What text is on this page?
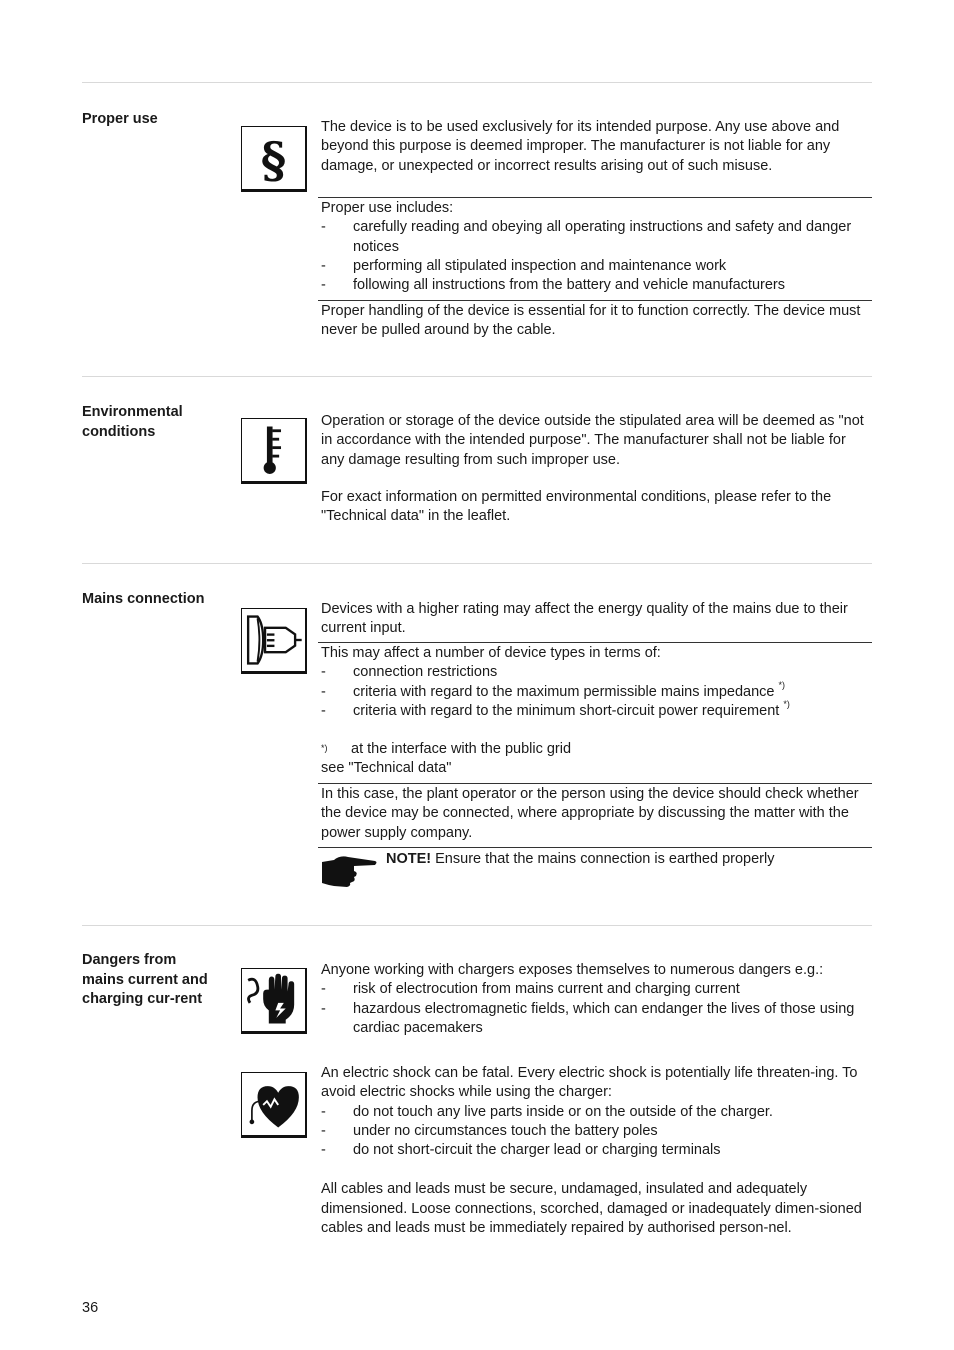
Proper use
§

The device is to be used exclusively for its intended purpose. Any use above and beyond this purpose is deemed improper. The manufacturer is not liable for any damage, or unexpected or incorrect results arising out of such misuse.

Proper use includes:

- carefully reading and obeying all operating instructions and safety and danger notices
- performing all stipulated inspection and maintenance work
- following all instructions from the battery and vehicle manufacturers

Proper handling of the device is essential for it to function correctly. The device must never be pulled around by the cable.

Environmental conditions

Operation or storage of the device outside the stipulated area will be deemed as "not in accordance with the intended purpose". The manufacturer shall not be liable for any damage resulting from such improper use.

For exact information on permitted environmental conditions, please refer to the "Technical data" in the leaflet.

Mains connection

Devices with a higher rating may affect the energy quality of the mains due to their current input.

This may affect a number of device types in terms of:

- connection restrictions
- criteria with regard to the maximum permissible mains impedance *)
- criteria with regard to the minimum short-circuit power requirement *)
*) at the interface with the public grid

see "Technical data"

In this case, the plant operator or the person using the device should check whether the device may be connected, where appropriate by discussing the matter with the power supply company.

NOTE! Ensure that the mains connection is earthed properly

Dangers from mains current and charging cur-rent

Anyone working with chargers exposes themselves to numerous dangers e.g.:

- risk of electrocution from mains current and charging current
- hazardous electromagnetic fields, which can endanger the lives of those using cardiac pacemakers

An electric shock can be fatal. Every electric shock is potentially life threaten-ing. To avoid electric shocks while using the charger:

- do not touch any live parts inside or on the outside of the charger.
- under no circumstances touch the battery poles
- do not short-circuit the charger lead or charging terminals

All cables and leads must be secure, undamaged, insulated and adequately dimensioned. Loose connections, scorched, damaged or inadequately dimen-sioned cables and leads must be immediately repaired by authorised person-nel.

36
